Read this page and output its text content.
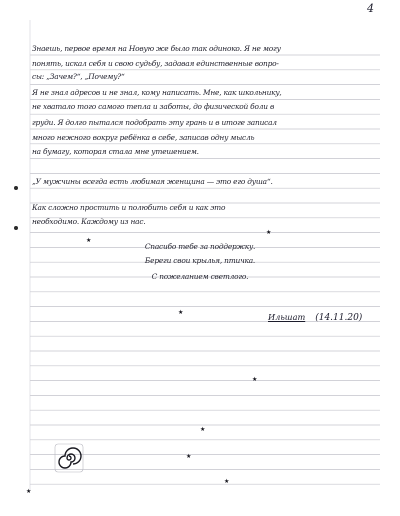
4
Знаешь, первое время на Новую же было так одиноко. Я не могу
понять, искал себя и свою судьбу, задавая единственные вопро-
сы: „Зачем?“, „Почему?“
Я не знал адресов и не знал, кому написать. Мне, как школьнику,
не хватало того самого тепла и заботы, до физической боли в
груди. Я долго пытался подобрать эту грань и в итоге записал
много нежного вокруг ребёнка в себе, записав одну мысль
на бумагу, которая стала мне утешением.
„У мужчины всегда есть любимая женщина — это его душа“.
Как сложно простить и полюбить себя и как это
необходимо. Каждому из нас.
Спасибо тебе за поддержку.
Береги свои крылья, птичка.
С пожеланием светлого.
Ильшат (14.11.20)
★
★
★
★
★
★
★
★
